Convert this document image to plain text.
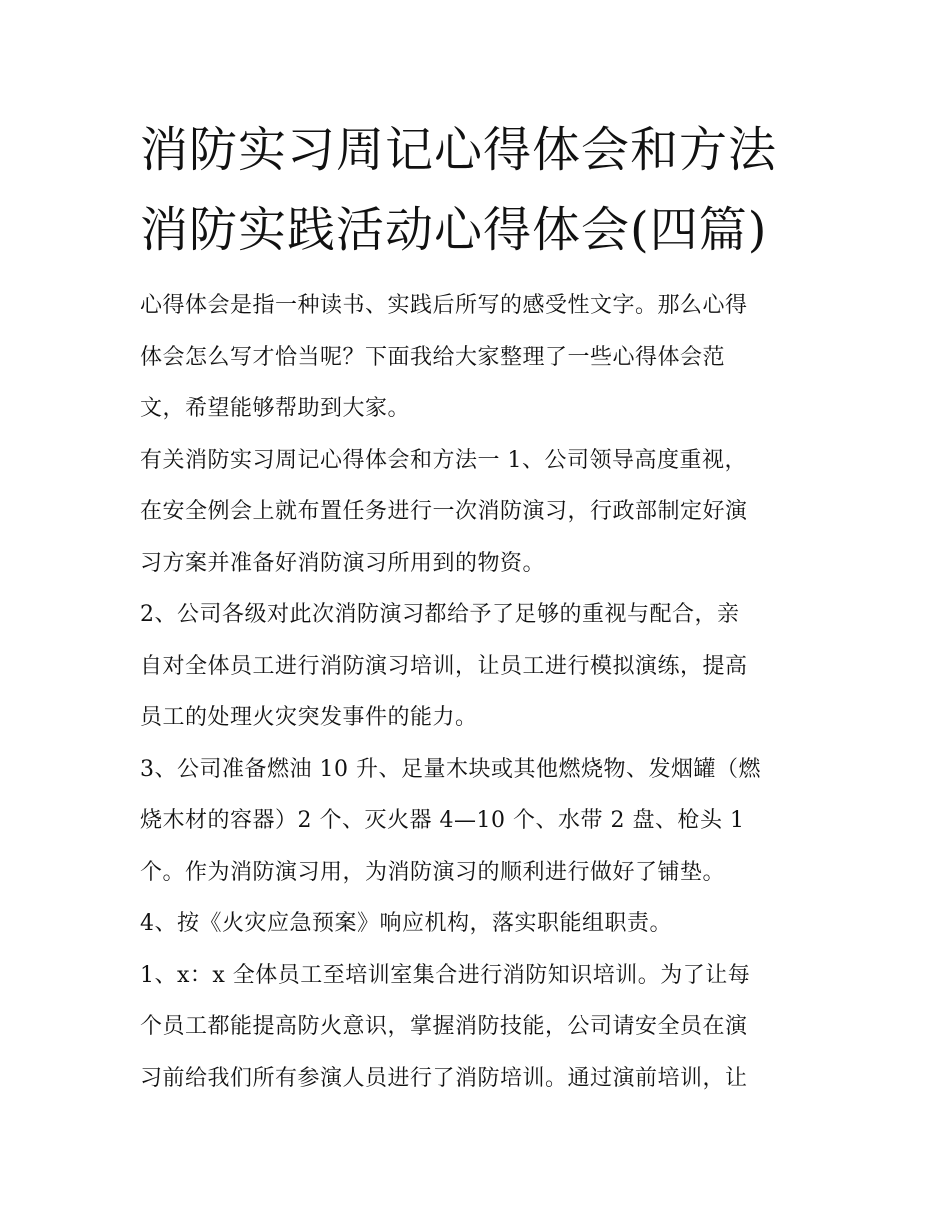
消防实习周记心得体会和方法
消防实践活动心得体会(四篇)

心得体会是指一种读书、实践后所写的感受性文字。那么心得
体会怎么写才恰当呢？下面我给大家整理了一些心得体会范
文，希望能够帮助到大家。

有关消防实习周记心得体会和方法一 1、公司领导高度重视，
在安全例会上就布置任务进行一次消防演习，行政部制定好演
习方案并准备好消防演习所用到的物资。

2、公司各级对此次消防演习都给予了足够的重视与配合，亲
自对全体员工进行消防演习培训，让员工进行模拟演练，提高
员工的处理火灾突发事件的能力。

3、公司准备燃油 10 升、足量木块或其他燃烧物、发烟罐（燃
烧木材的容器）2 个、灭火器 4—10 个、水带 2 盘、枪头 1
个。作为消防演习用，为消防演习的顺利进行做好了铺垫。

4、按《火灾应急预案》响应机构，落实职能组职责。

1、x：x 全体员工至培训室集合进行消防知识培训。为了让每
个员工都能提高防火意识，掌握消防技能，公司请安全员在演
习前给我们所有参演人员进行了消防培训。通过演前培训，让
